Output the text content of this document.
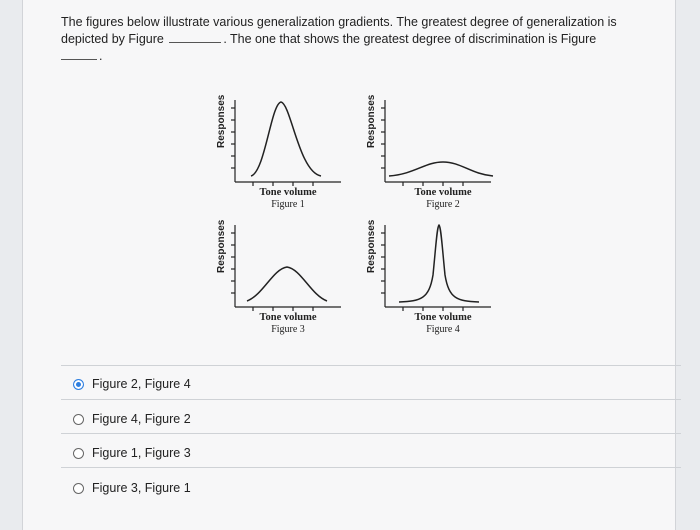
The figures below illustrate various generalization gradients. The greatest degree of generalization is depicted by Figure	. The one that shows the greatest degree of discrimination is Figure
.
Responses
Tone volume
Figure 1
Responses
Tone volume
Figure 2
Responses
Tone volume
Figure 3
Responses
Tone volume
Figure 4
Figure 2, Figure 4
Figure 4, Figure 2
Figure 1, Figure 3
Figure 3, Figure 1
